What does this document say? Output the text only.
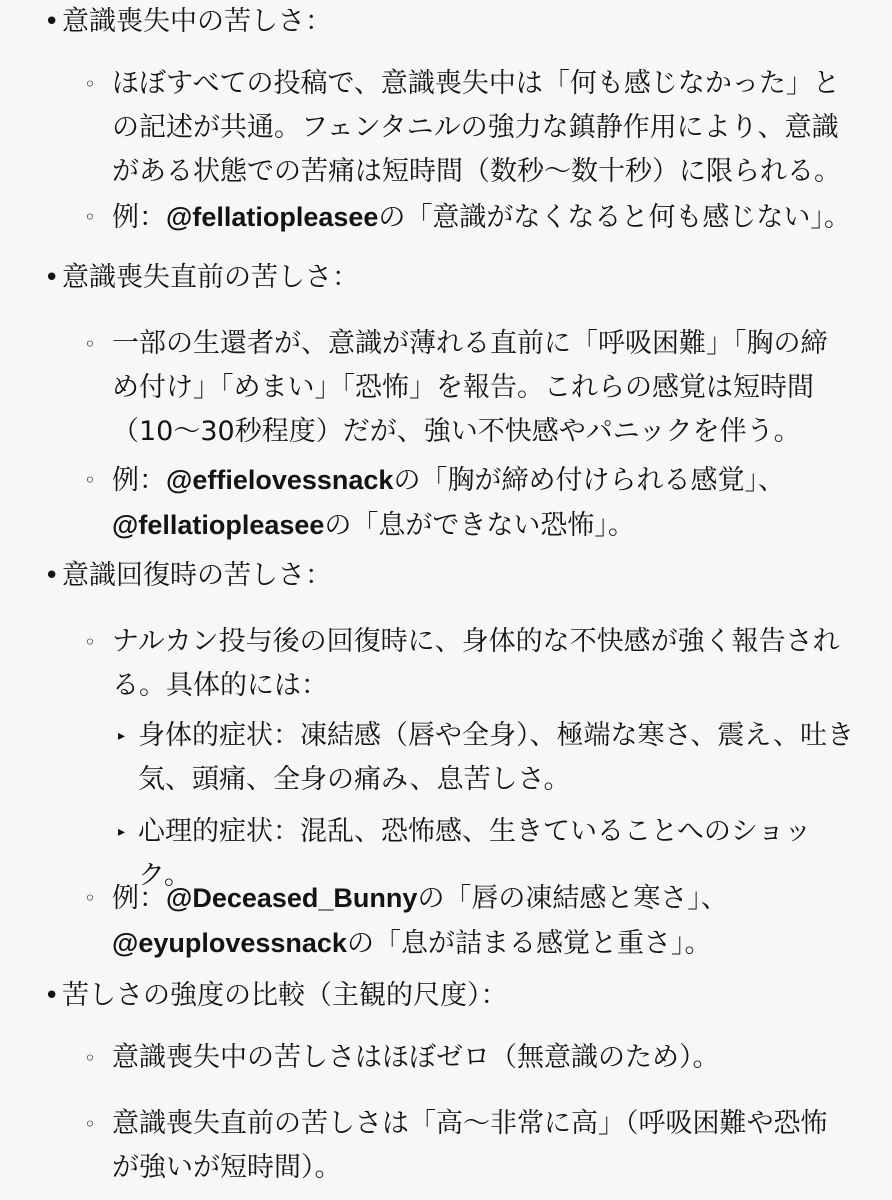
•意識喪失中の苦しさ：
◦ ほぼすべての投稿で、意識喪失中は「何も感じなかった」との記述が共通。フェンタニルの強力な鎮静作用により、意識がある状態での苦痛は短時間（数秒〜数十秒）に限られる。
◦ 例：@fellatiopleaseeの「意識がなくなると何も感じない」。
•意識喪失直前の苦しさ：
◦ 一部の生還者が、意識が薄れる直前に「呼吸困難」「胸の締め付け」「めまい」「恐怖」を報告。これらの感覚は短時間（10〜30秒程度）だが、強い不快感やパニックを伴う。
◦ 例：@effielovessnackの「胸が締め付けられる感覚」、
@fellatiopleaseeの「息ができない恐怖」。
•意識回復時の苦しさ：
◦ ナルカン投与後の回復時に、身体的な不快感が強く報告される。具体的には：
▸ 身体的症状：凍結感（唇や全身）、極端な寒さ、震え、吐き気、頭痛、全身の痛み、息苦しさ。
▸ 心理的症状：混乱、恐怖感、生きていることへのショック。
◦ 例：@Deceased_Bunnyの「唇の凍結感と寒さ」、
@eyuplovessnackの「息が詰まる感覚と重さ」。
•苦しさの強度の比較（主観的尺度）：
◦ 意識喪失中の苦しさはほぼゼロ（無意識のため）。
◦ 意識喪失直前の苦しさは「高〜非常に高」（呼吸困難や恐怖が強いが短時間）。
